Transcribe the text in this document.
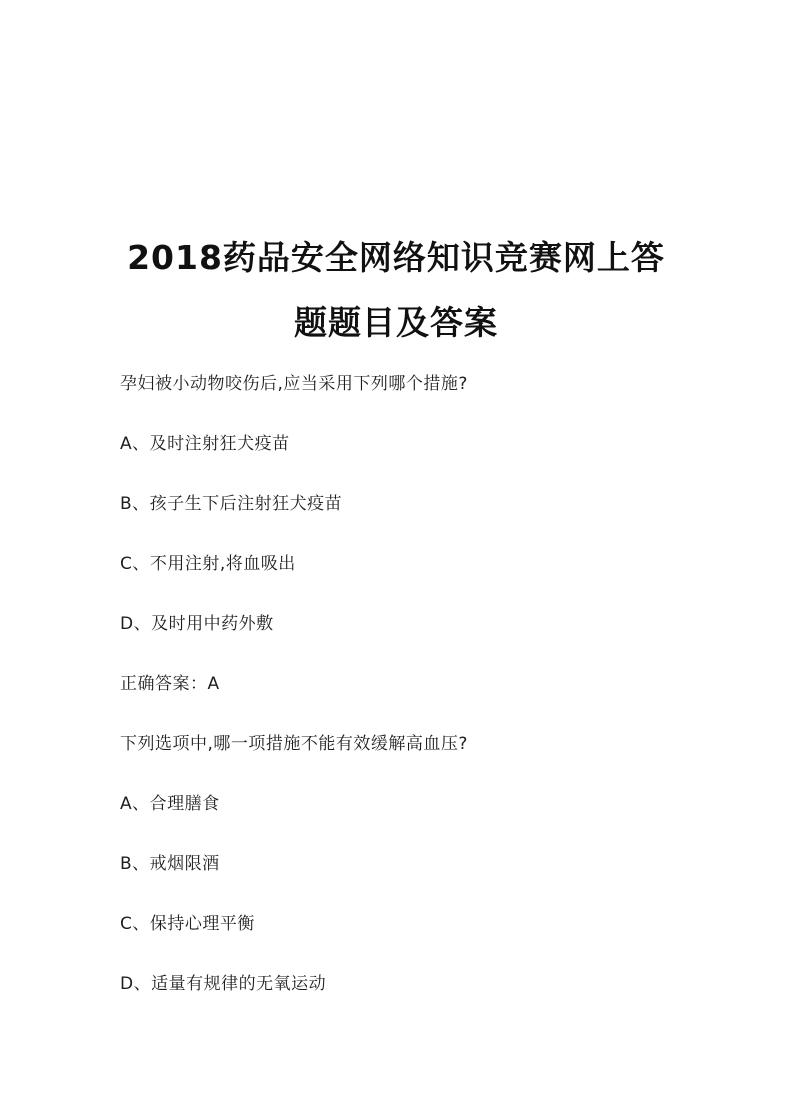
2018药品安全网络知识竞赛网上答
题题目及答案
孕妇被小动物咬伤后,应当采用下列哪个措施?
A、及时注射狂犬疫苗
B、孩子生下后注射狂犬疫苗
C、不用注射,将血吸出
D、及时用中药外敷
正确答案：A
下列选项中,哪一项措施不能有效缓解高血压?
A、合理膳食
B、戒烟限酒
C、保持心理平衡
D、适量有规律的无氧运动
